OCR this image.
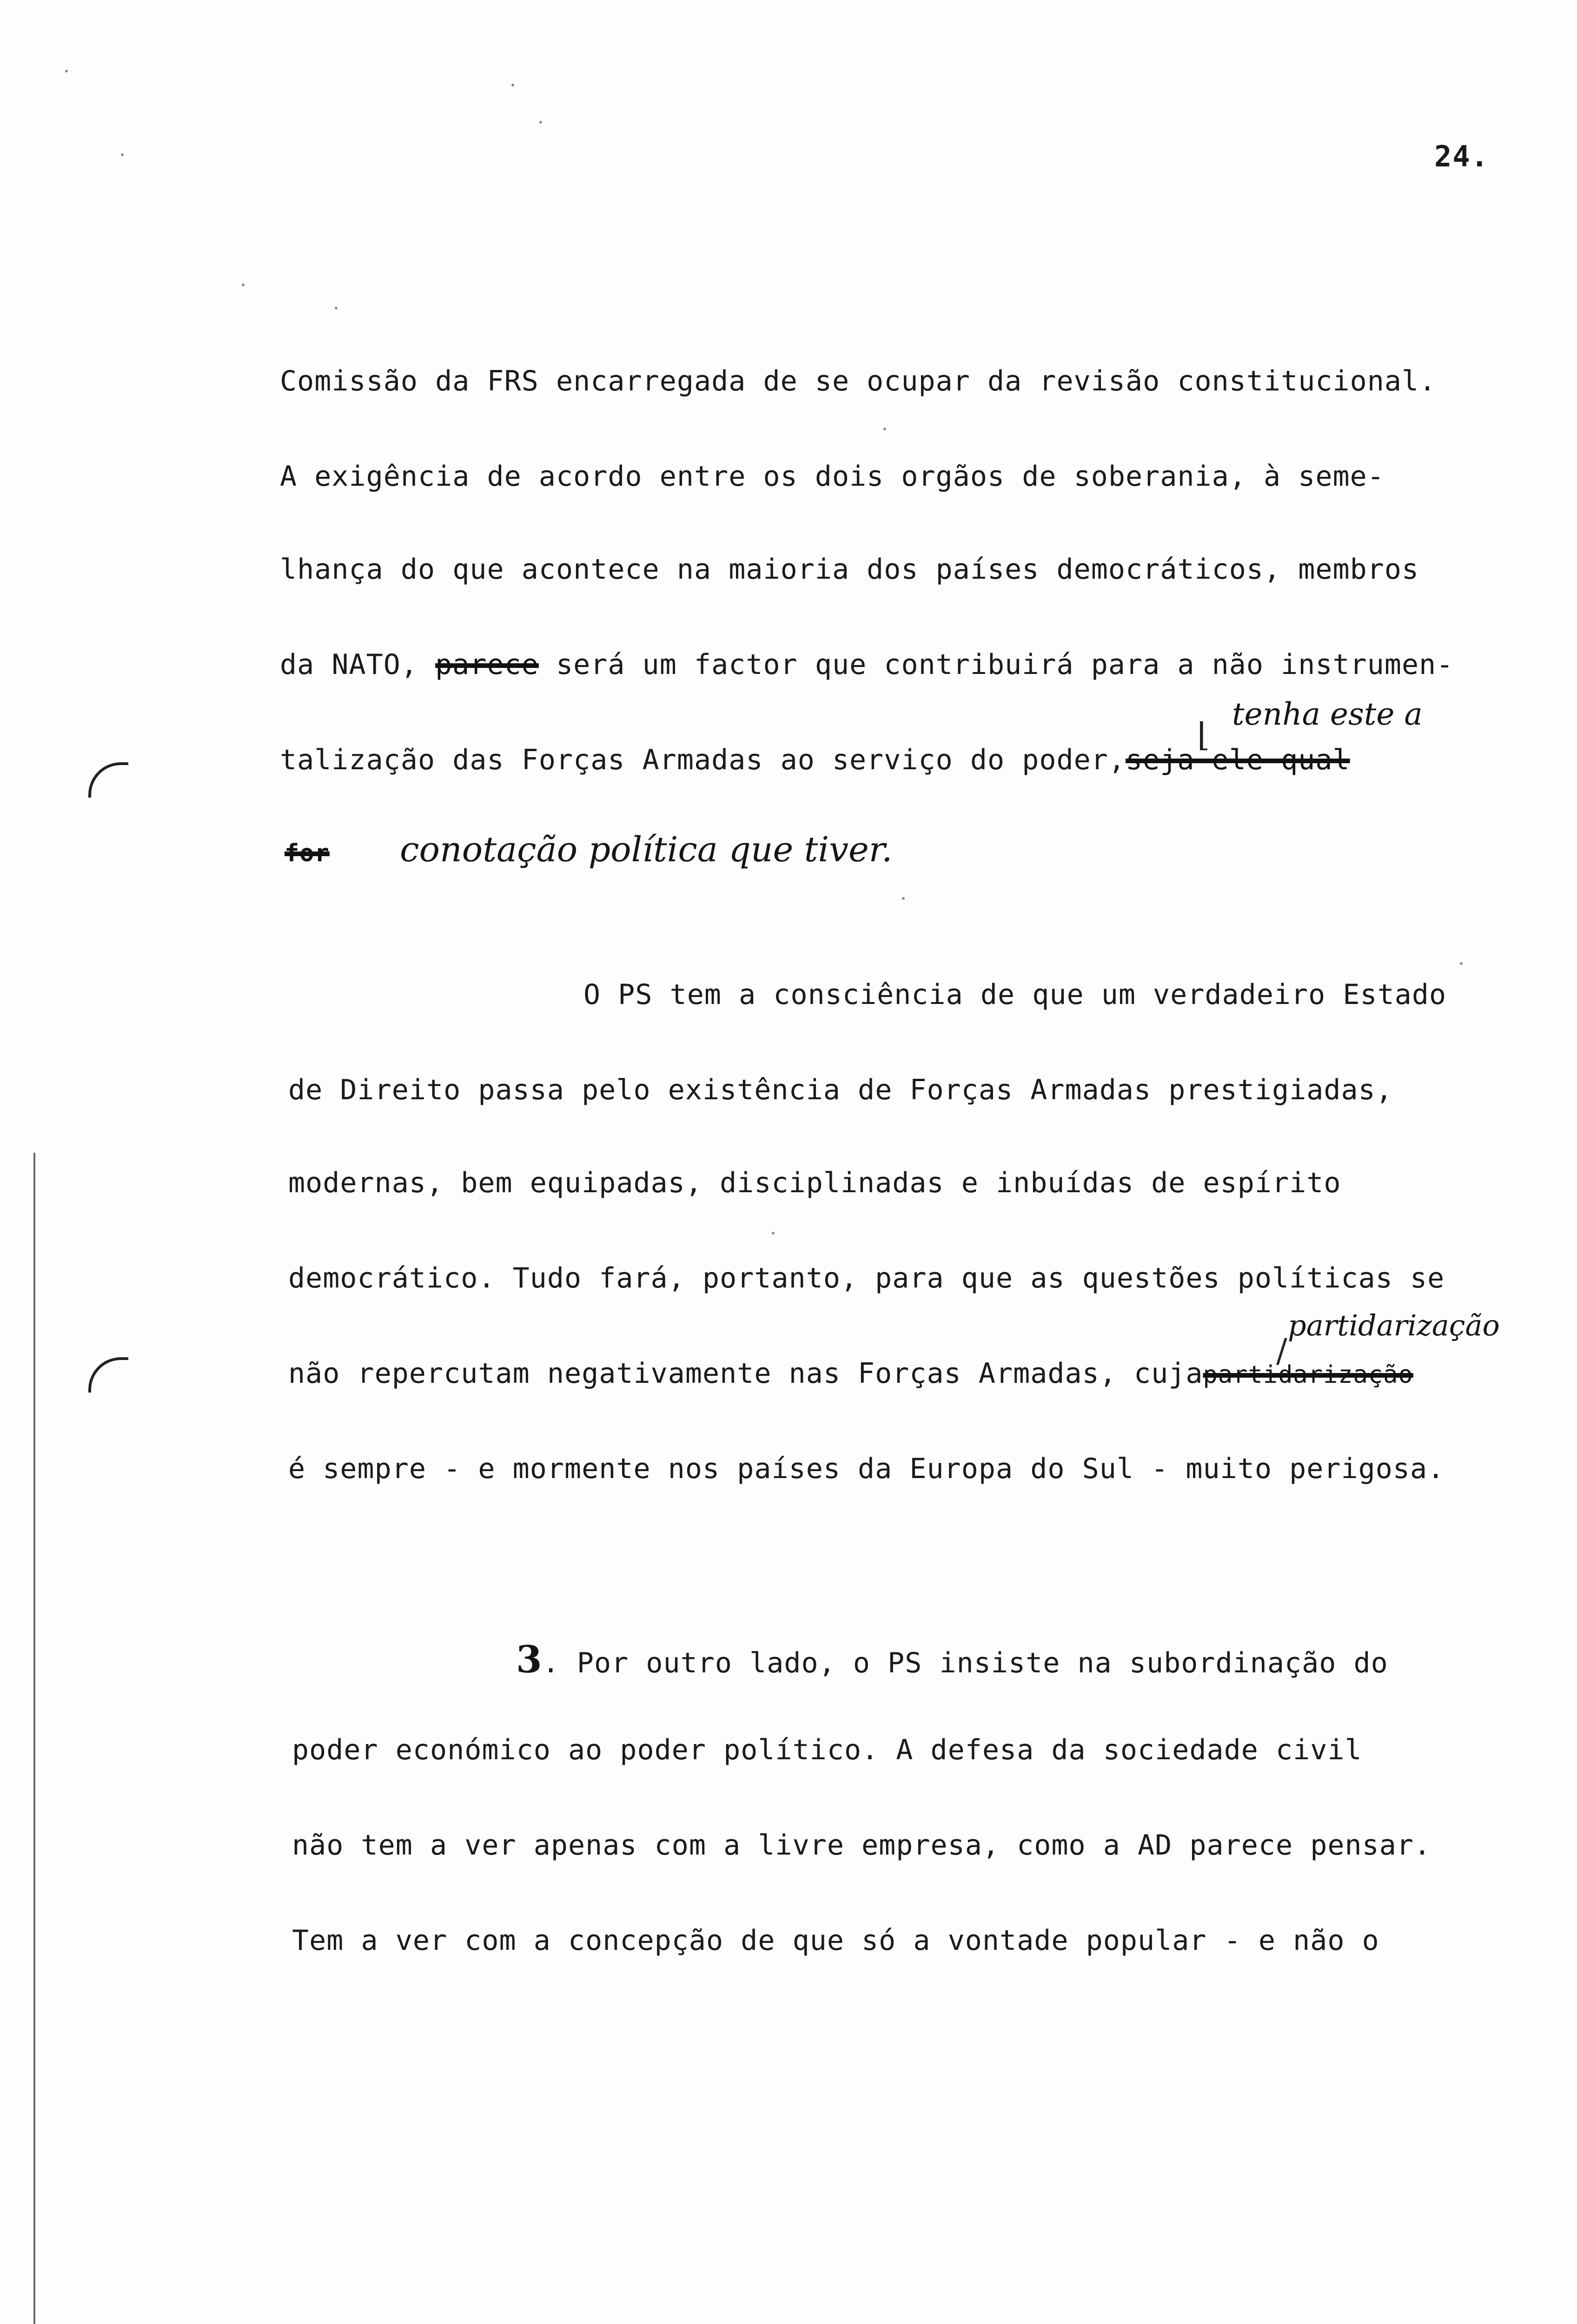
24.
Comissão da FRS encarregada de se ocupar da revisão constitucional.
A exigência de acordo entre os dois orgãos de soberania, à seme-
lhança do que acontece na maioria dos países democráticos, membros
da NATO, parece será um factor que contribuirá para a não instrumen-
tenha este a
talização das Forças Armadas ao serviço do poder,seja ele qual
for conotação política que tiver.
O PS tem a consciência de que um verdadeiro Estado
de Direito passa pelo existência de Forças Armadas prestigiadas,
modernas, bem equipadas, disciplinadas e inbuídas de espírito
democrático. Tudo fará, portanto, para que as questões políticas se
partidarização
não repercutam negativamente nas Forças Armadas, cujapartidarização
é sempre - e mormente nos países da Europa do Sul - muito perigosa.
3. Por outro lado, o PS insiste na subordinação do
poder económico ao poder político. A defesa da sociedade civil
não tem a ver apenas com a livre empresa, como a AD parece pensar.
Tem a ver com a concepção de que só a vontade popular - e não o
⌊
/
